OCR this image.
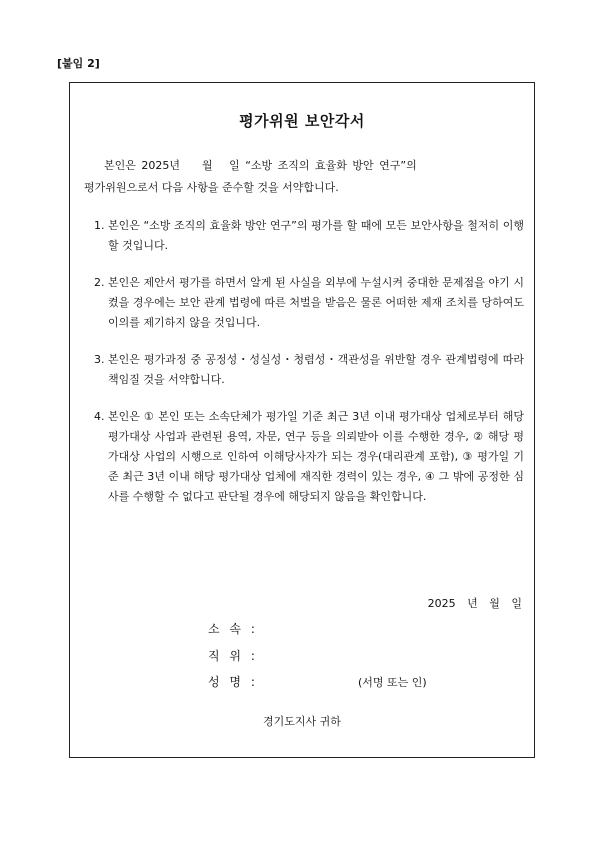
[붙임 2]
평가위원 보안각서
본인은 2025년    월   일 “소방 조직의 효율화 방안 연구”의
평가위원으로서 다음 사항을 준수할 것을 서약합니다.
1. 본인은 “소방 조직의 효율화 방안 연구”의 평가를 할 때에 모든 보안사항을 철저히 이행할 것입니다.
2. 본인은 제안서 평가를 하면서 알게 된 사실을 외부에 누설시켜 중대한 문제점을 야기 시켰을 경우에는 보안 관계 법령에 따른 처벌을 받음은 물론 어떠한 제재 조치를 당하여도 이의를 제기하지 않을 것입니다.
3. 본인은 평가과정 중 공정성・성실성・청렴성・객관성을 위반할 경우 관계법령에 따라 책임질 것을 서약합니다.
4. 본인은 ① 본인 또는 소속단체가 평가일 기준 최근 3년 이내 평가대상 업체로부터 해당 평가대상 사업과 관련된 용역, 자문, 연구 등을 의뢰받아 이를 수행한 경우, ② 해당 평가대상 사업의 시행으로 인하여 이해당사자가 되는 경우(대리관계 포함), ③ 평가일 기준 최근 3년 이내 해당 평가대상 업체에 재직한 경력이 있는 경우, ④ 그 밖에 공정한 심사를 수행할 수 없다고 판단될 경우에 해당되지 않음을 확인합니다.
2025 년 월 일
소 속 :
직 위 :
성 명 :	(서명 또는 인)
경기도지사 귀하
